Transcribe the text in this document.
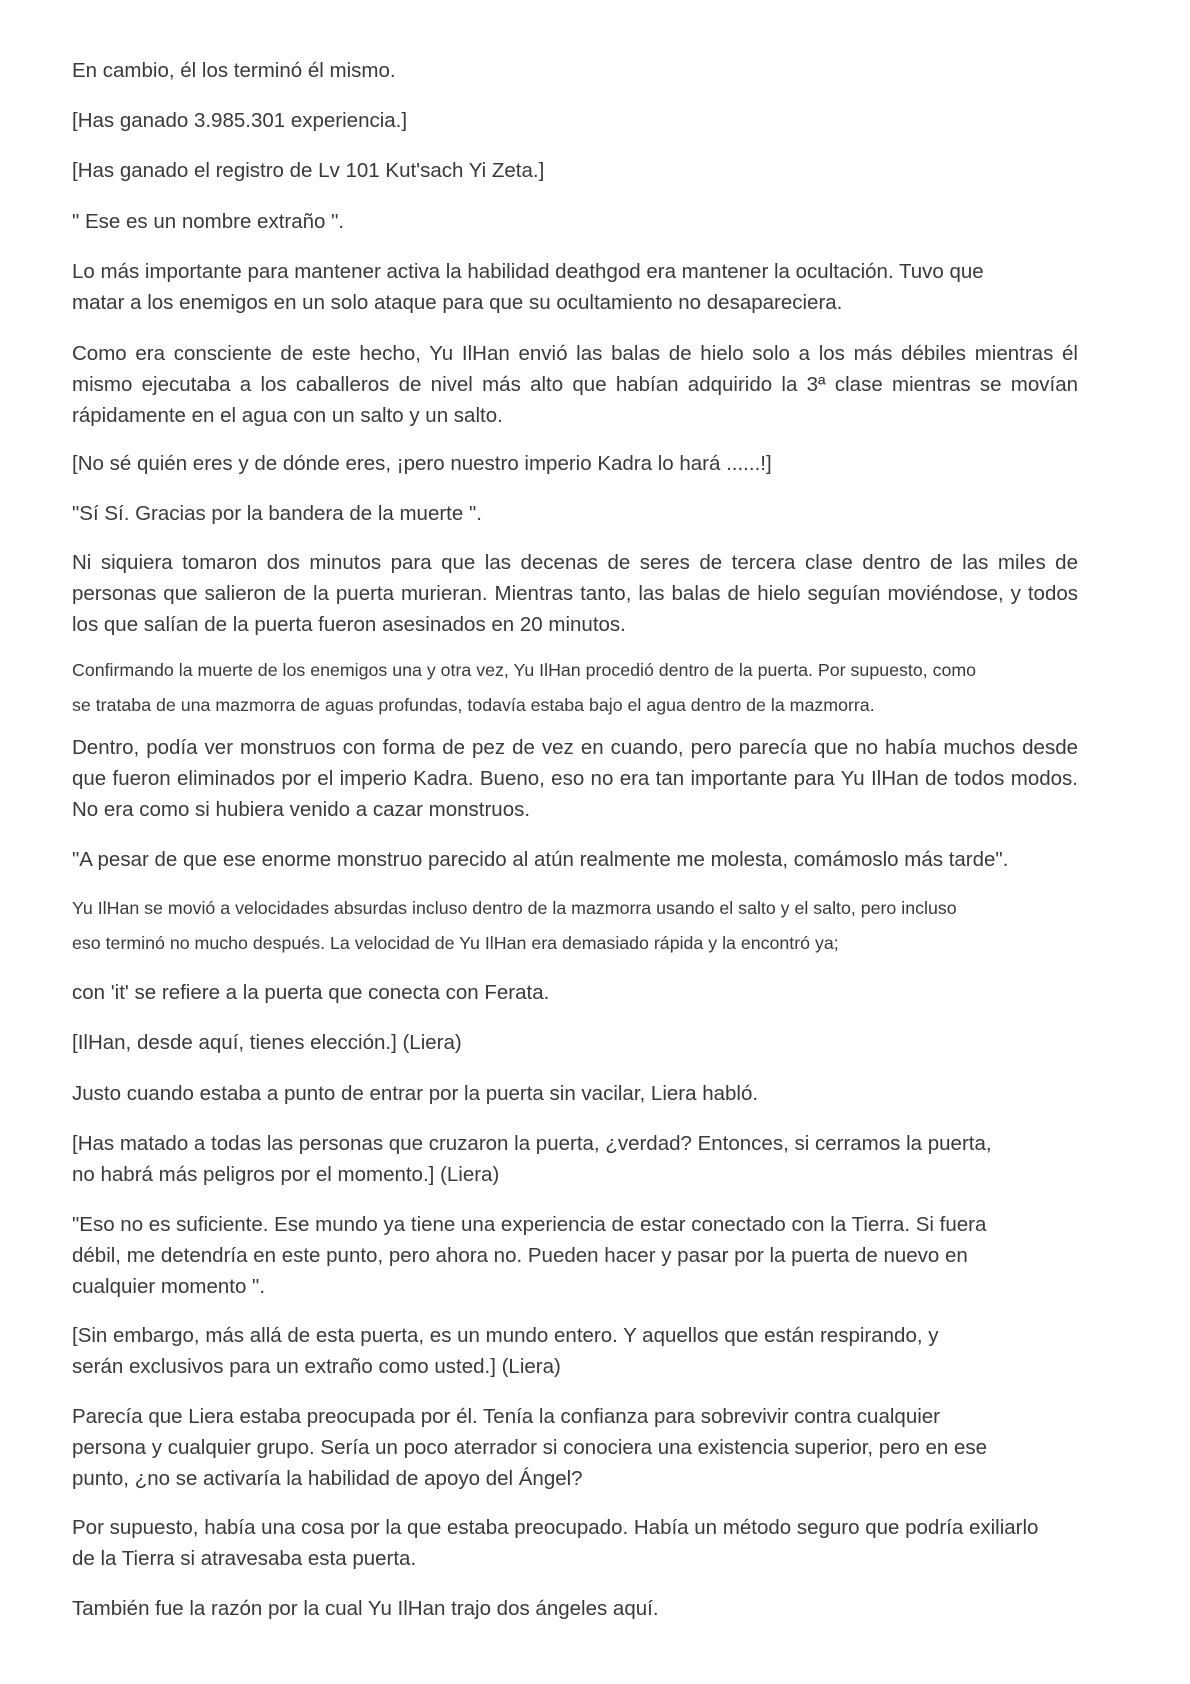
En cambio, él los terminó él mismo.

[Has ganado 3.985.301 experiencia.]

[Has ganado el registro de Lv 101 Kut'sach Yi Zeta.]

" Ese es un nombre extraño ".

Lo más importante para mantener activa la habilidad deathgod era mantener la ocultación. Tuvo que
matar a los enemigos en un solo ataque para que su ocultamiento no desapareciera.

Como era consciente de este hecho, Yu IlHan envió las balas de hielo solo a los más débiles mientras él mismo ejecutaba a los caballeros de nivel más alto que habían adquirido la 3ª clase mientras se movían rápidamente en el agua con un salto y un salto.

[No sé quién eres y de dónde eres, ¡pero nuestro imperio Kadra lo hará ......!]

"Sí Sí. Gracias por la bandera de la muerte ".

Ni siquiera tomaron dos minutos para que las decenas de seres de tercera clase dentro de las miles de personas que salieron de la puerta murieran. Mientras tanto, las balas de hielo seguían moviéndose, y todos los que salían de la puerta fueron asesinados en 20 minutos.

Confirmando la muerte de los enemigos una y otra vez, Yu IlHan procedió dentro de la puerta. Por supuesto, como
se trataba de una mazmorra de aguas profundas, todavía estaba bajo el agua dentro de la mazmorra.

Dentro, podía ver monstruos con forma de pez de vez en cuando, pero parecía que no había muchos desde que fueron eliminados por el imperio Kadra. Bueno, eso no era tan importante para Yu IlHan de todos modos. No era como si hubiera venido a cazar monstruos.

"A pesar de que ese enorme monstruo parecido al atún realmente me molesta, comámoslo más tarde".

Yu IlHan se movió a velocidades absurdas incluso dentro de la mazmorra usando el salto y el salto, pero incluso
eso terminó no mucho después. La velocidad de Yu IlHan era demasiado rápida y la encontró ya;

con 'it' se refiere a la puerta que conecta con Ferata.

[IlHan, desde aquí, tienes elección.] (Liera)

Justo cuando estaba a punto de entrar por la puerta sin vacilar, Liera habló.

[Has matado a todas las personas que cruzaron la puerta, ¿verdad? Entonces, si cerramos la puerta,
no habrá más peligros por el momento.] (Liera)

"Eso no es suficiente. Ese mundo ya tiene una experiencia de estar conectado con la Tierra. Si fuera
débil, me detendría en este punto, pero ahora no. Pueden hacer y pasar por la puerta de nuevo en
cualquier momento ".

[Sin embargo, más allá de esta puerta, es un mundo entero. Y aquellos que están respirando, y
serán exclusivos para un extraño como usted.] (Liera)

Parecía que Liera estaba preocupada por él. Tenía la confianza para sobrevivir contra cualquier
persona y cualquier grupo. Sería un poco aterrador si conociera una existencia superior, pero en ese
punto, ¿no se activaría la habilidad de apoyo del Ángel?

Por supuesto, había una cosa por la que estaba preocupado. Había un método seguro que podría exiliarlo
de la Tierra si atravesaba esta puerta.

También fue la razón por la cual Yu IlHan trajo dos ángeles aquí.
